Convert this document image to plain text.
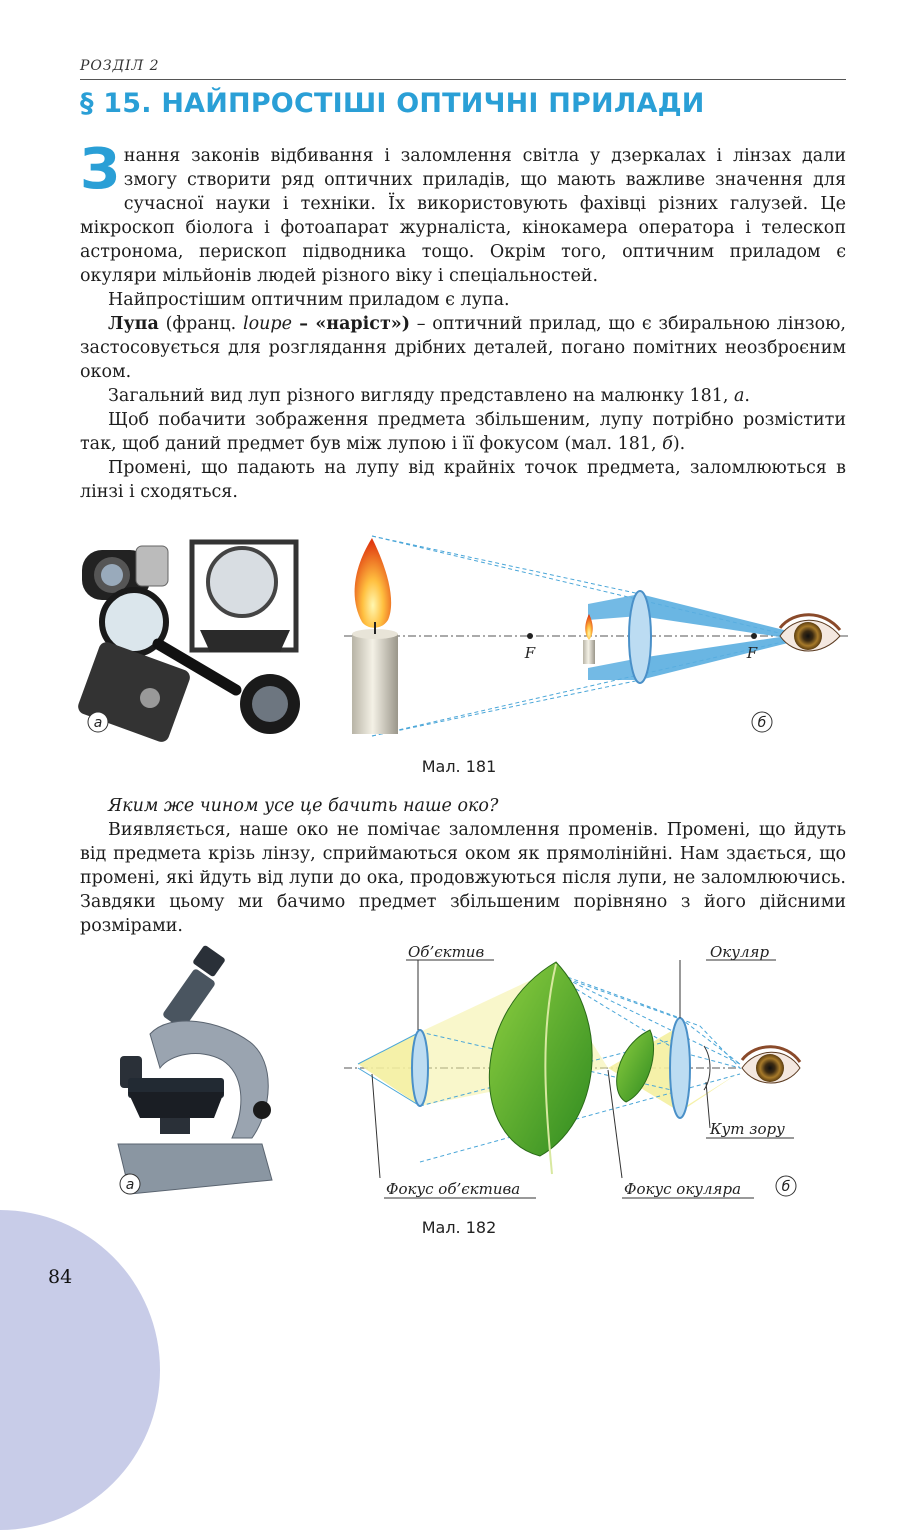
РОЗДІЛ 2
§ 15. НАЙПРОСТІШІ ОПТИЧНІ ПРИЛАДИ

Знання законів відбивання і заломлення світла у дзеркалах і лінзах дали змогу створити ряд оптичних приладів, що мають важливе значення для сучасної науки і техніки. Їх використовують фахівці різних галузей. Це мікроскоп біолога і фотоапарат журналіста, кінокамера оператора і телескоп астронома, перископ підводника тощо. Окрім того, оптичним приладом є окуляри мільйонів людей різного віку і спеціальностей.

Найпростішим оптичним приладом є лупа.

Лупа (франц. loupe – «наріст») – оптичний прилад, що є збиральною лінзою, застосовується для розглядання дрібних деталей, погано помітних неозброєним оком.

Загальний вид луп різного вигляду представлено на малюнку 181, а.

Щоб побачити зображення предмета збільшеним, лупу потрібно розмістити так, щоб даний предмет був між лупою і її фокусом (мал. 181, б).

Промені, що падають на лупу від крайніх точок предмета, заломлюються в лінзі і сходяться.

а
F	F
б
Мал. 181

Яким же чином усе це бачить наше око?

Виявляється, наше око не помічає заломлення променів. Промені, що йдуть від предмета крізь лінзу, сприймаються оком як прямолінійні. Нам здається, що промені, які йдуть від лупи до ока, продовжуються після лупи, не заломлюючись. Завдяки цьому ми бачимо предмет збільшеним порівняно з його дійсними розмірами.

а
Об’єктив	Окуляр
Кут зору
Фокус об’єктива	Фокус окуляра	б
Мал. 182
84
